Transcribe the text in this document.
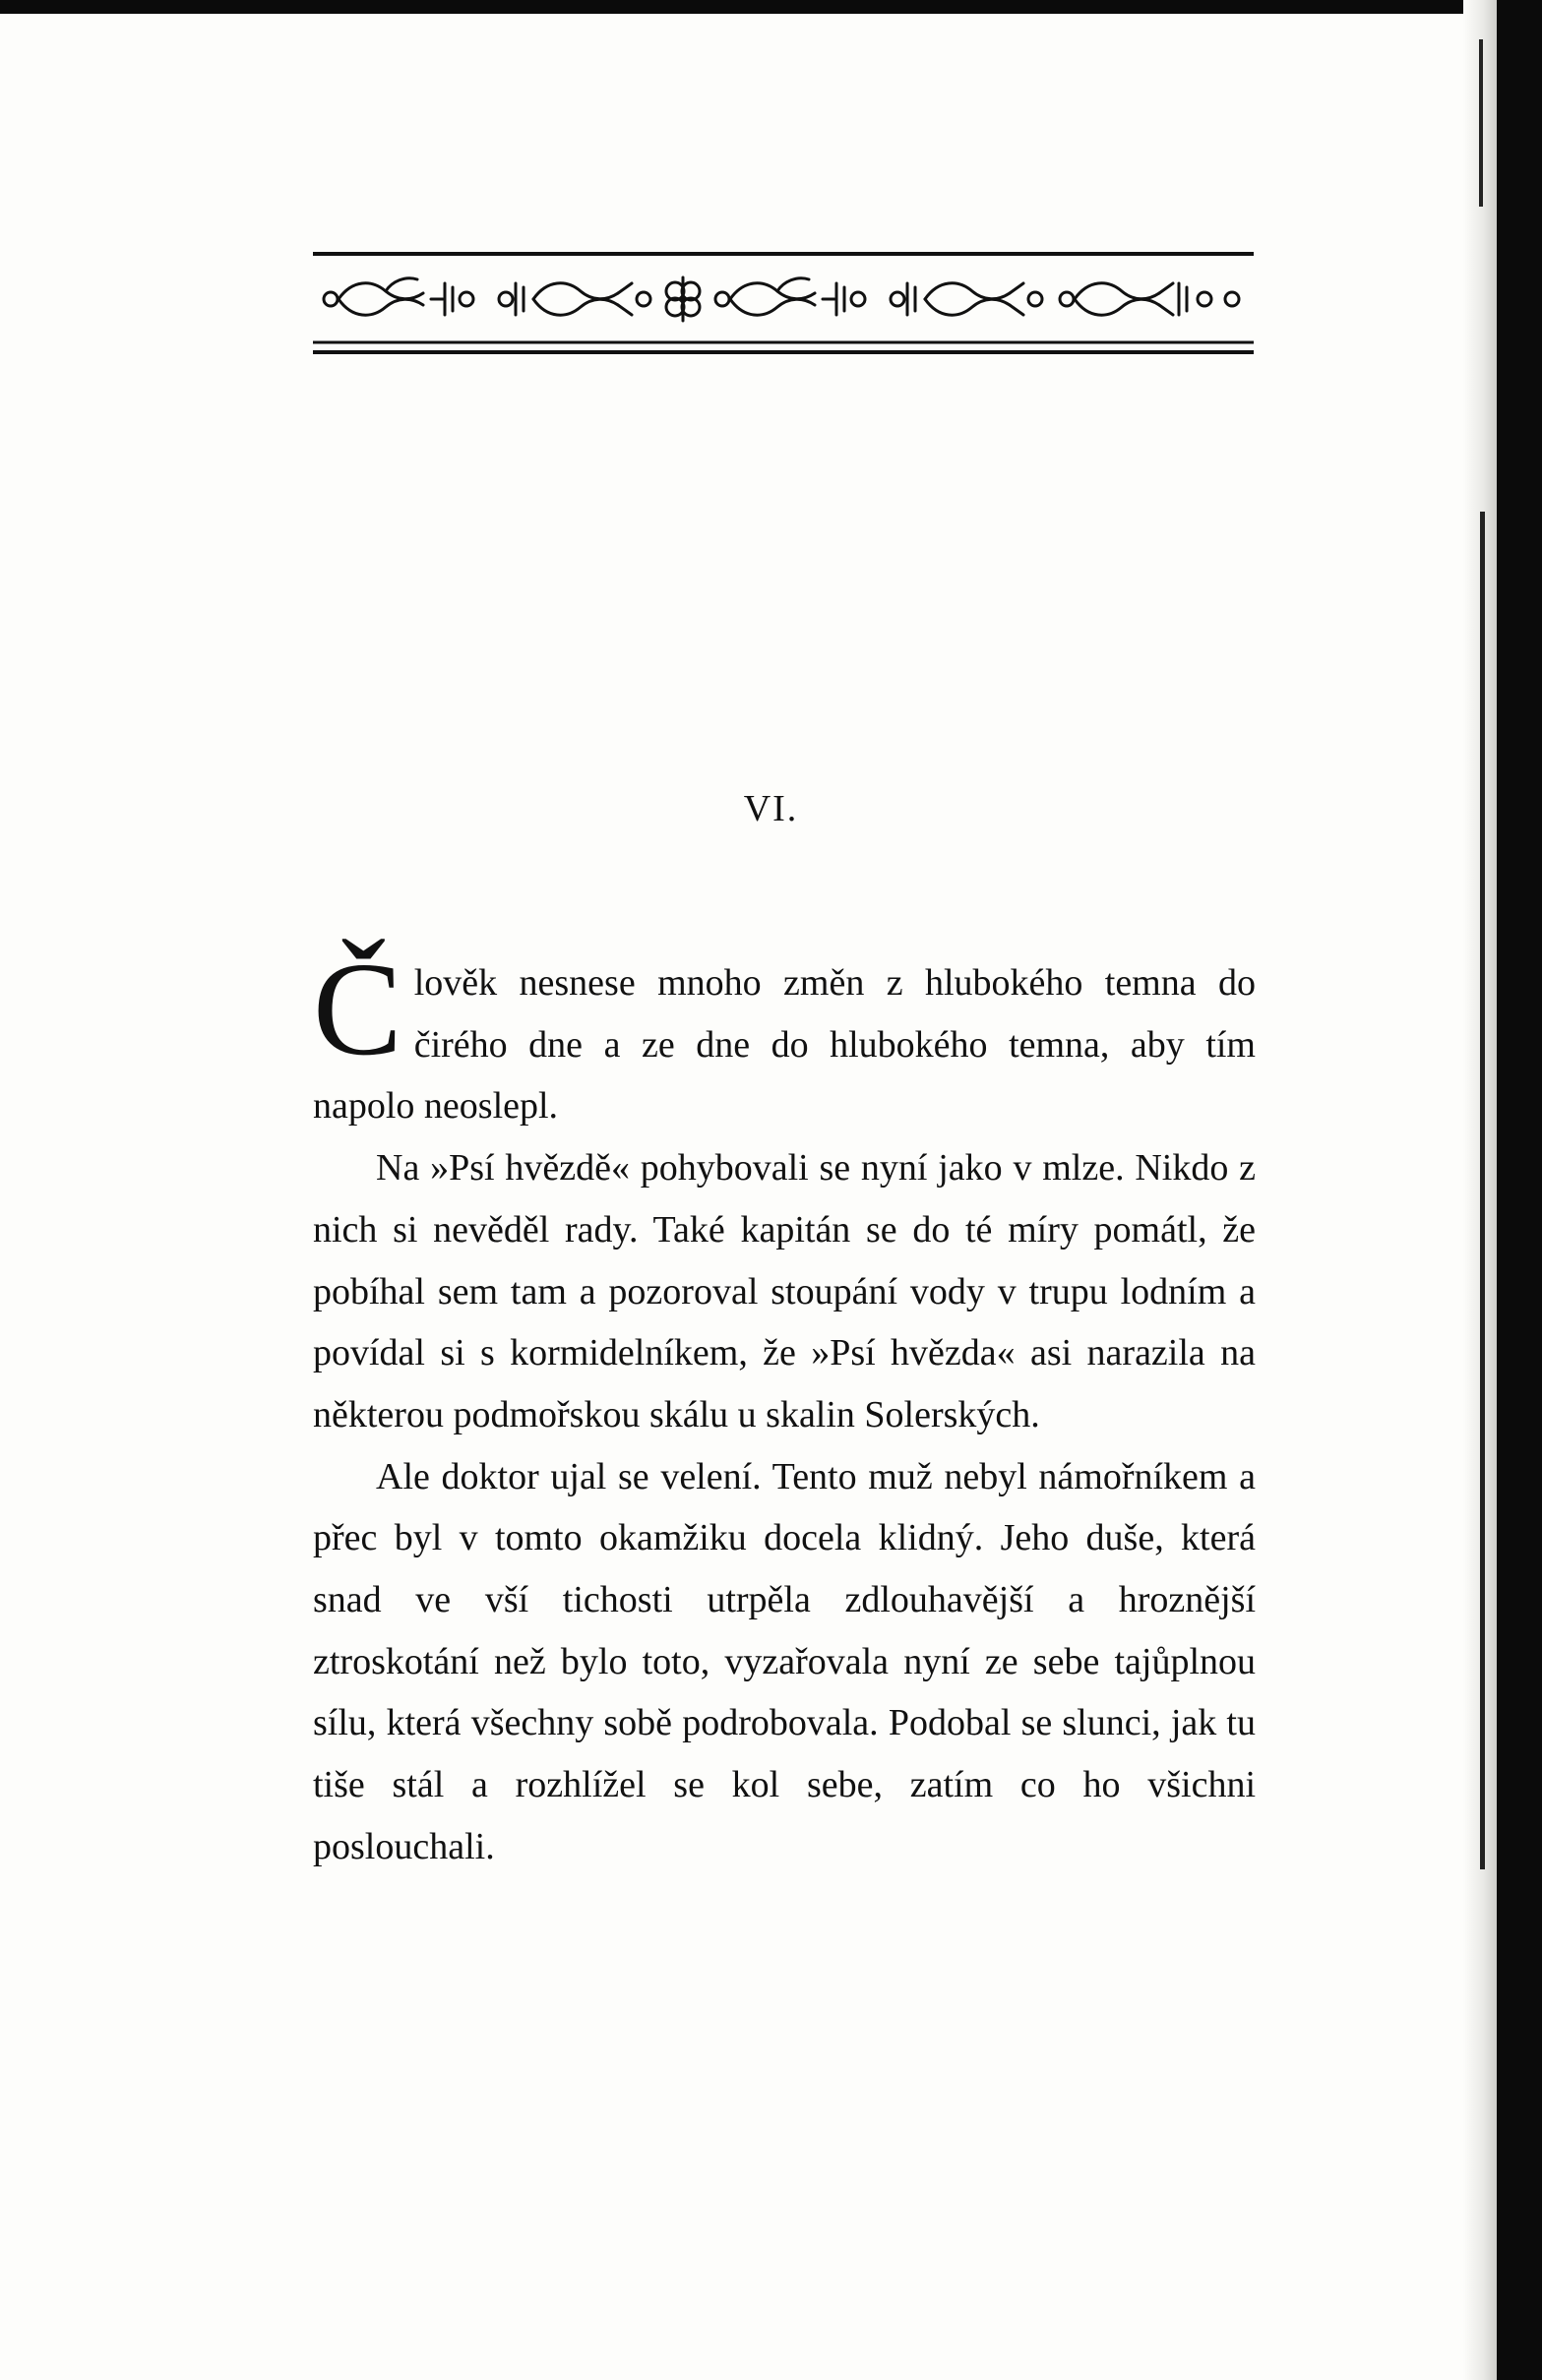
VI.

Člověk nesnese mnoho změn z hlubokého temna do čirého dne a ze dne do hlubokého temna, aby tím napolo neoslepl.

Na »Psí hvězdě« pohybovali se nyní jako v mlze. Nikdo z nich si nevěděl rady. Také kapitán se do té míry pomátl, že pobíhal sem tam a pozoroval stoupání vody v trupu lodním a povídal si s kormidelníkem, že »Psí hvězda« asi narazila na některou podmořskou skálu u skalin Solerských.

Ale doktor ujal se velení. Tento muž nebyl námořníkem a přec byl v tomto okamžiku docela klidný. Jeho duše, která snad ve vší tichosti utrpěla zdlouhavější a hroznější ztroskotání než bylo toto, vyzařovala nyní ze sebe tajůplnou sílu, která všechny sobě podrobovala. Podobal se slunci, jak tu tiše stál a rozhlížel se kol sebe, zatím co ho všichni poslouchali.
